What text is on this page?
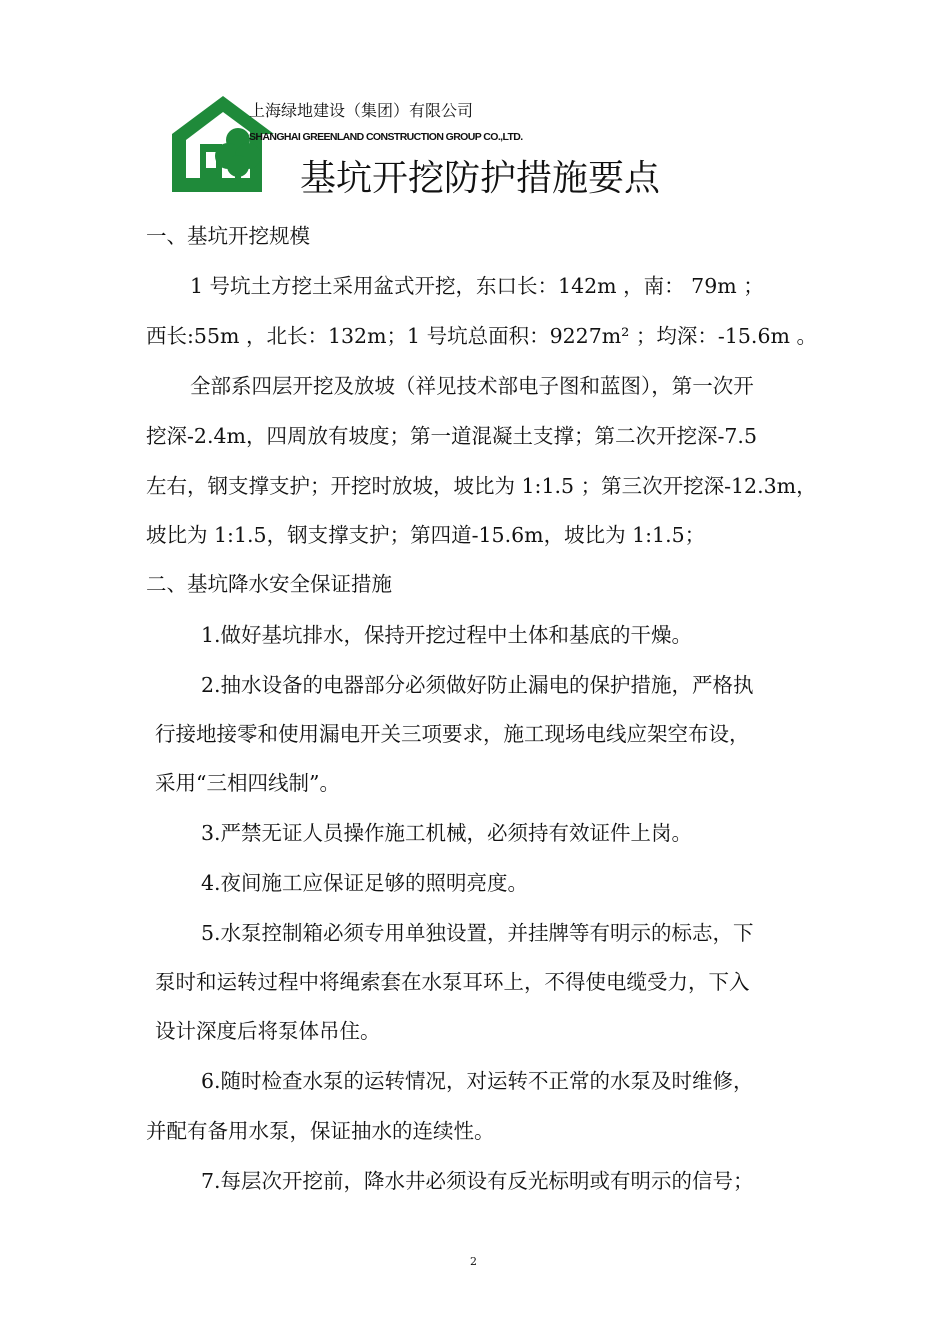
上海绿地建设（集团）有限公司
SHANGHAI GREENLAND CONSTRUCTION GROUP CO.,LTD.
基坑开挖防护措施要点
一、基坑开挖规模
1 号坑土方挖土采用盆式开挖，东口长：142m ，南： 79m ；
西长:55m ，北长：132m；1 号坑总面积：9227m² ；均深：-15.6m 。
全部系四层开挖及放坡（祥见技术部电子图和蓝图），第一次开
挖深-2.4m，四周放有坡度；第一道混凝土支撑；第二次开挖深-7.5
左右，钢支撑支护；开挖时放坡，坡比为 1:1.5 ；第三次开挖深-12.3m，
坡比为 1:1.5，钢支撑支护；第四道-15.6m，坡比为 1:1.5；
二、基坑降水安全保证措施
1.做好基坑排水，保持开挖过程中土体和基底的干燥。
2.抽水设备的电器部分必须做好防止漏电的保护措施，严格执
行接地接零和使用漏电开关三项要求，施工现场电线应架空布设，
采用“三相四线制”。
3.严禁无证人员操作施工机械，必须持有效证件上岗。
4.夜间施工应保证足够的照明亮度。
5.水泵控制箱必须专用单独设置，并挂牌等有明示的标志，下
泵时和运转过程中将绳索套在水泵耳环上，不得使电缆受力，下入
设计深度后将泵体吊住。
6.随时检查水泵的运转情况，对运转不正常的水泵及时维修，
并配有备用水泵，保证抽水的连续性。
7.每层次开挖前，降水井必须设有反光标明或有明示的信号；
2
